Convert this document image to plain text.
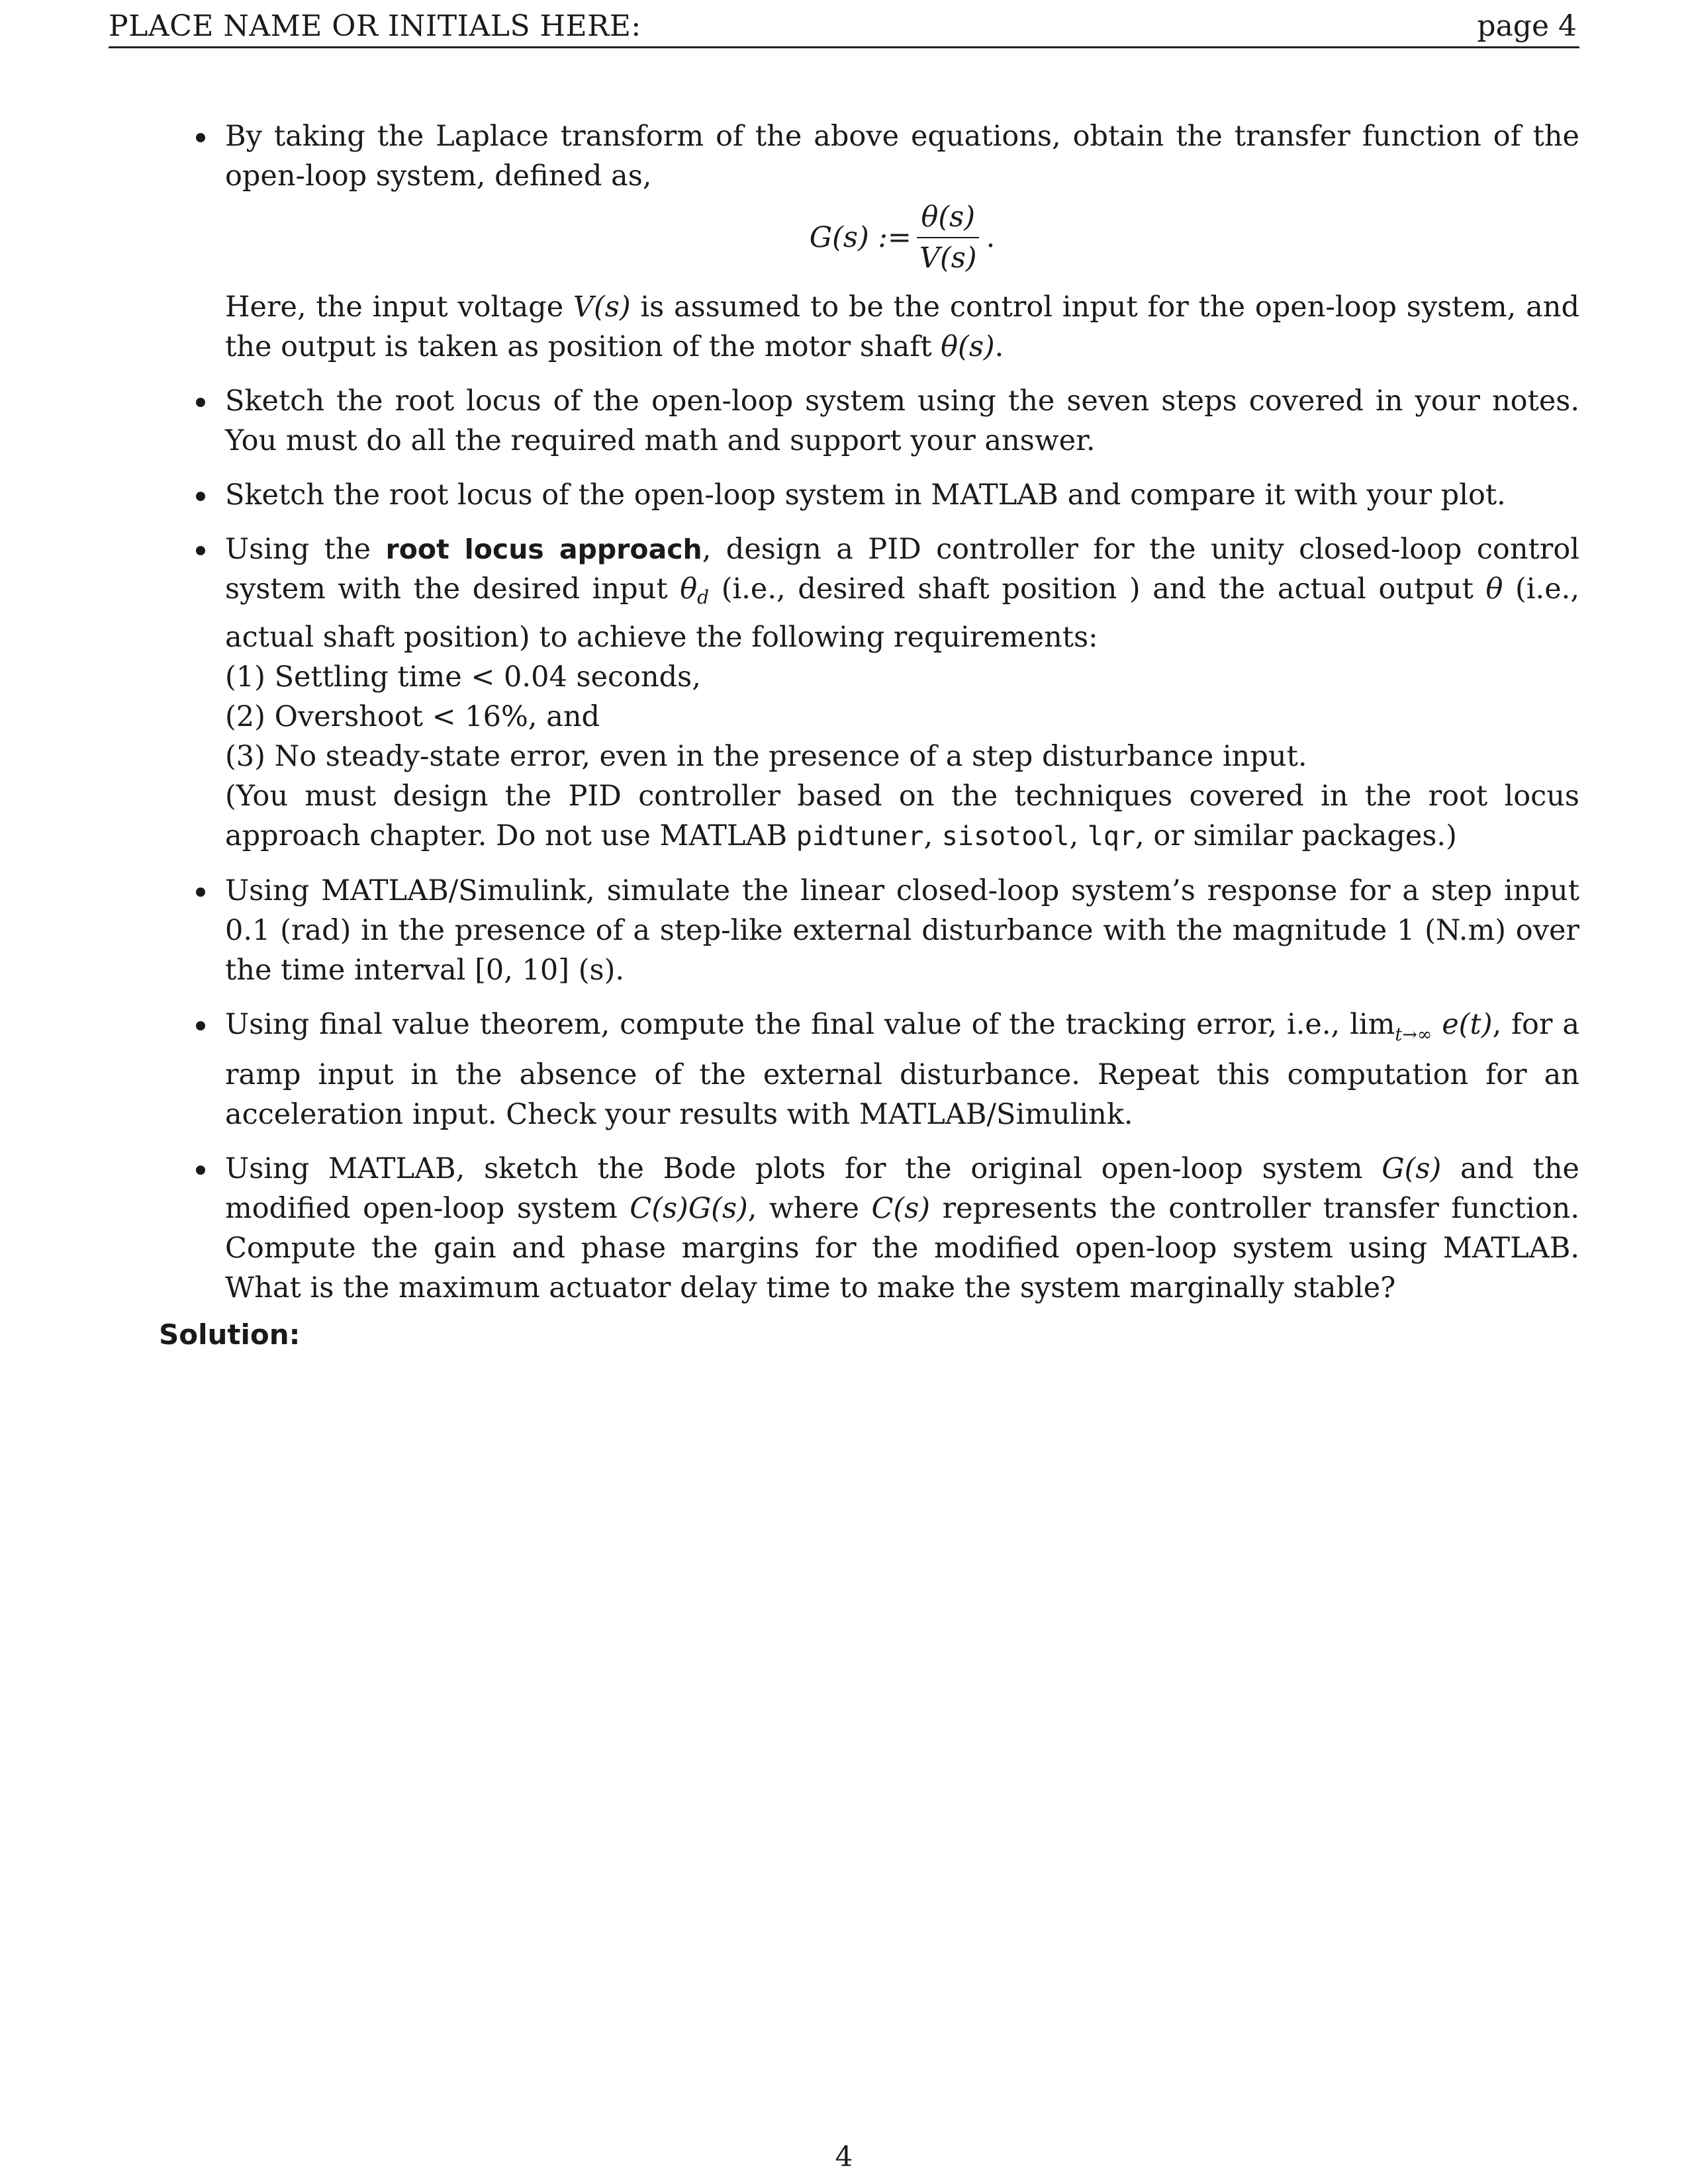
PLACE NAME OR INITIALS HERE:	page 4

By taking the Laplace transform of the above equations, obtain the transfer function of the open-loop system, defined as,

G(s) := $\frac{\theta(s)}{V(s)}$ .

Here, the input voltage V(s) is assumed to be the control input for the open-loop system, and the output is taken as position of the motor shaft θ(s).

Sketch the root locus of the open-loop system using the seven steps covered in your notes. You must do all the required math and support your answer.

Sketch the root locus of the open-loop system in MATLAB and compare it with your plot.

Using the root locus approach, design a PID controller for the unity closed-loop control system with the desired input $\theta_d$ (i.e., desired shaft position ) and the actual output θ (i.e., actual shaft position) to achieve the following requirements:
(1) Settling time < 0.04 seconds,
(2) Overshoot < 16%, and
(3) No steady-state error, even in the presence of a step disturbance input.
(You must design the PID controller based on the techniques covered in the root locus approach chapter. Do not use MATLAB pidtuner, sisotool, lqr, or similar packages.)

Using MATLAB/Simulink, simulate the linear closed-loop system’s response for a step input 0.1 (rad) in the presence of a step-like external disturbance with the magnitude 1 (N.m) over the time interval [0, 10] (s).

Using final value theorem, compute the final value of the tracking error, i.e., $\lim_{t\to\infty} e(t)$, for a ramp input in the absence of the external disturbance. Repeat this computation for an acceleration input. Check your results with MATLAB/Simulink.

Using MATLAB, sketch the Bode plots for the original open-loop system G(s) and the modified open-loop system C(s)G(s), where C(s) represents the controller transfer function. Compute the gain and phase margins for the modified open-loop system using MATLAB. What is the maximum actuator delay time to make the system marginally stable?

Solution:
4
